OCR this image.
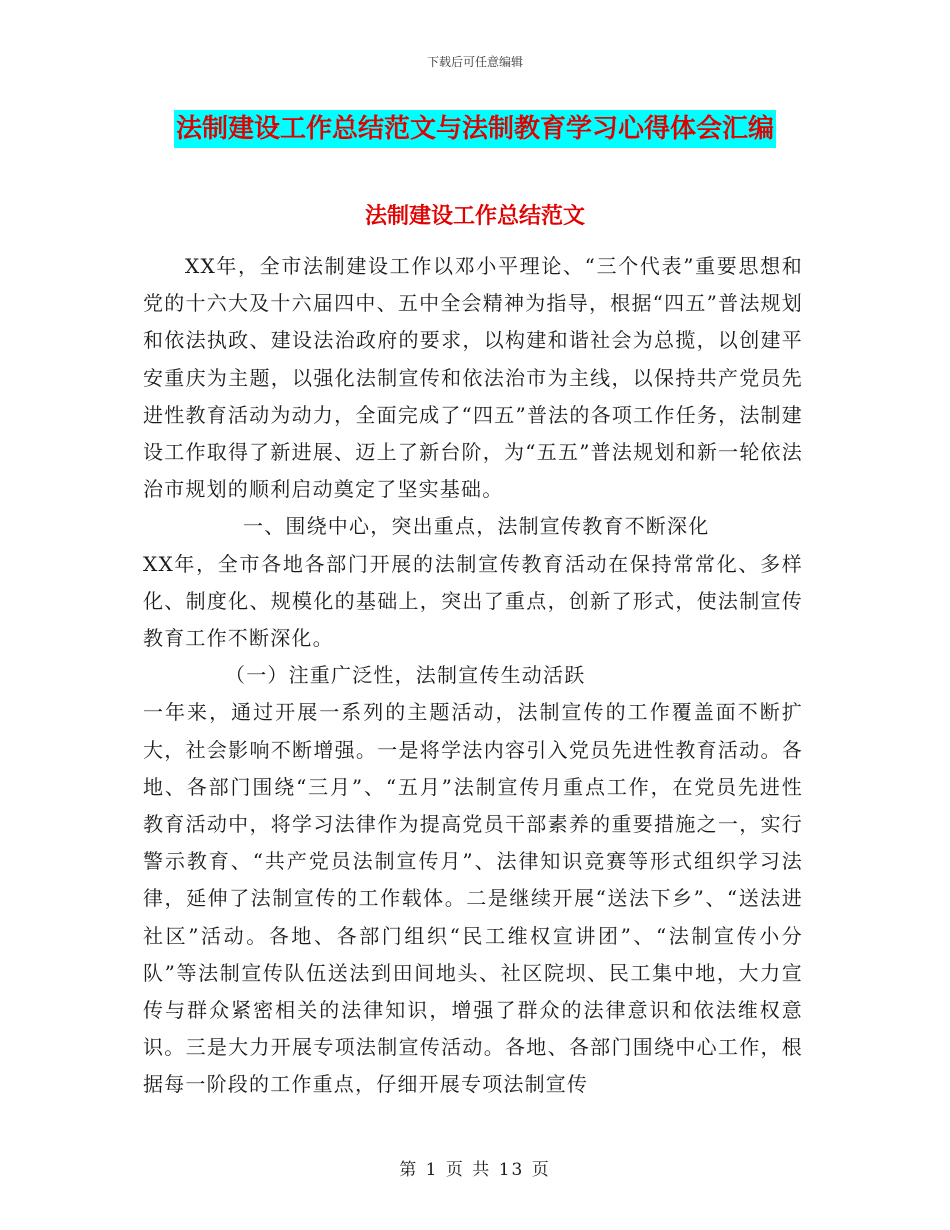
下载后可任意编辑
法制建设工作总结范文与法制教育学习心得体会汇编
法制建设工作总结范文

XX年，全市法制建设工作以邓小平理论、“三个代表”重要思想和党的十六大及十六届四中、五中全会精神为指导，根据“四五”普法规划和依法执政、建设法治政府的要求，以构建和谐社会为总揽，以创建平安重庆为主题，以强化法制宣传和依法治市为主线，以保持共产党员先进性教育活动为动力，全面完成了“四五”普法的各项工作任务，法制建设工作取得了新进展、迈上了新台阶，为“五五”普法规划和新一轮依法治市规划的顺利启动奠定了坚实基础。

一、围绕中心，突出重点，法制宣传教育不断深化

XX年，全市各地各部门开展的法制宣传教育活动在保持常常化、多样化、制度化、规模化的基础上，突出了重点，创新了形式，使法制宣传教育工作不断深化。

（一）注重广泛性，法制宣传生动活跃

一年来，通过开展一系列的主题活动，法制宣传的工作覆盖面不断扩大，社会影响不断增强。一是将学法内容引入党员先进性教育活动。各地、各部门围绕“三月”、“五月”法制宣传月重点工作，在党员先进性教育活动中，将学习法律作为提高党员干部素养的重要措施之一，实行警示教育、“共产党员法制宣传月”、法律知识竞赛等形式组织学习法律，延伸了法制宣传的工作载体。二是继续开展“送法下乡”、“送法进社区”活动。各地、各部门组织“民工维权宣讲团”、“法制宣传小分队”等法制宣传队伍送法到田间地头、社区院坝、民工集中地，大力宣传与群众紧密相关的法律知识，增强了群众的法律意识和依法维权意识。三是大力开展专项法制宣传活动。各地、各部门围绕中心工作，根据每一阶段的工作重点，仔细开展专项法制宣传

第 1 页 共 13 页
